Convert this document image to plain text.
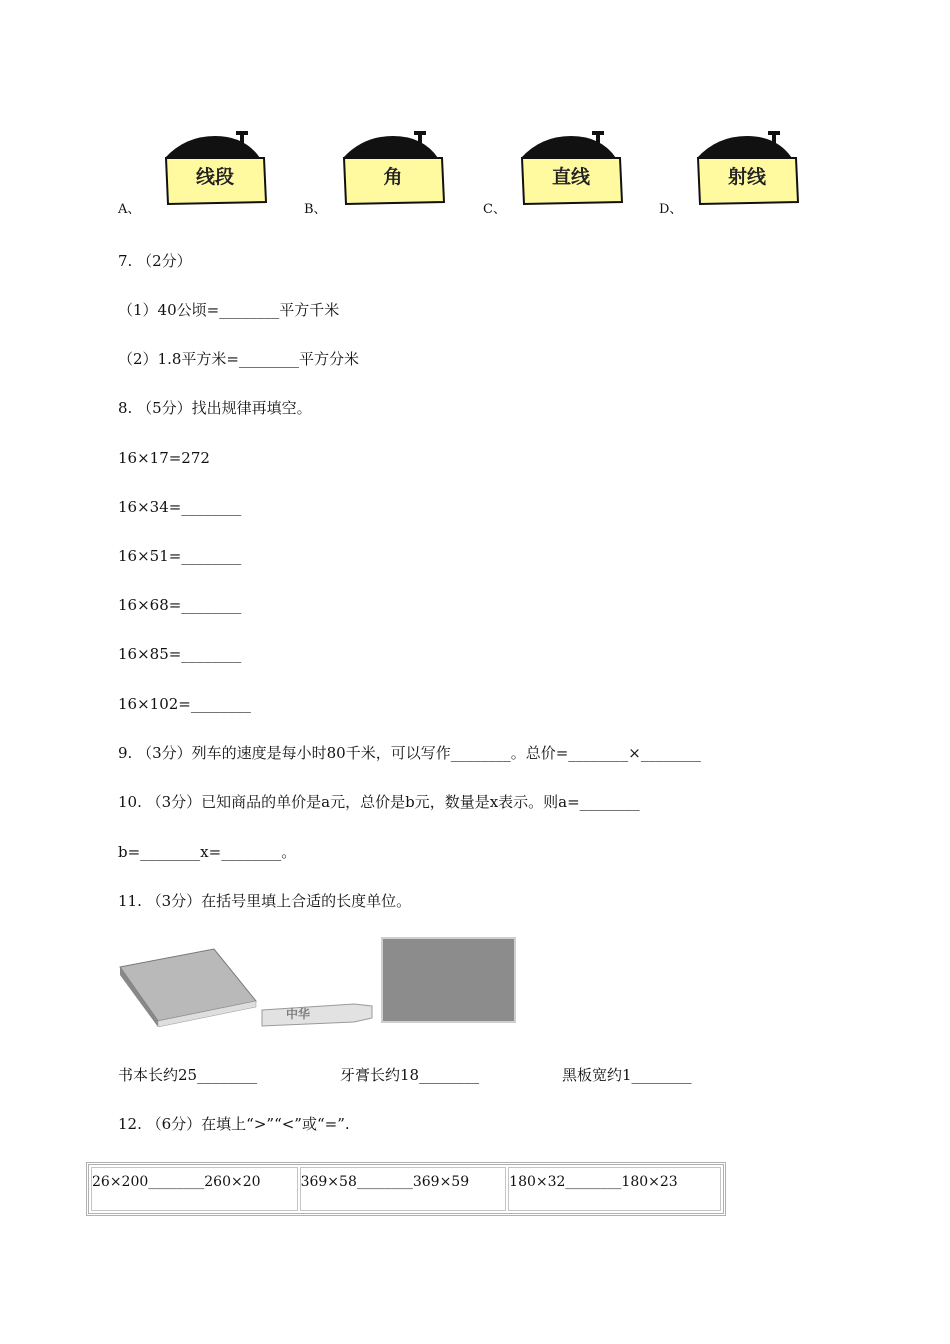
A、
线段
B、
角
C、
直线
D、
射线
7. （2分）
（1）40公顷=________平方千米
（2）1.8平方米=________平方分米
8. （5分）找出规律再填空。
16×17=272
16×34=________
16×51=________
16×68=________
16×85=________
16×102=________
9. （3分）列车的速度是每小时80千米，可以写作________。总价=________×________
10. （3分）已知商品的单价是a元，总价是b元，数量是x表示。则a=________
b=________x=________。
11. （3分）在括号里填上合适的长度单位。
中华
书本长约25________	牙膏长约18________	黑板宽约1________
12. （6分）在填上“>”“<”或“=”.
26×200________260×20	369×58________369×59	180×32________180×23
